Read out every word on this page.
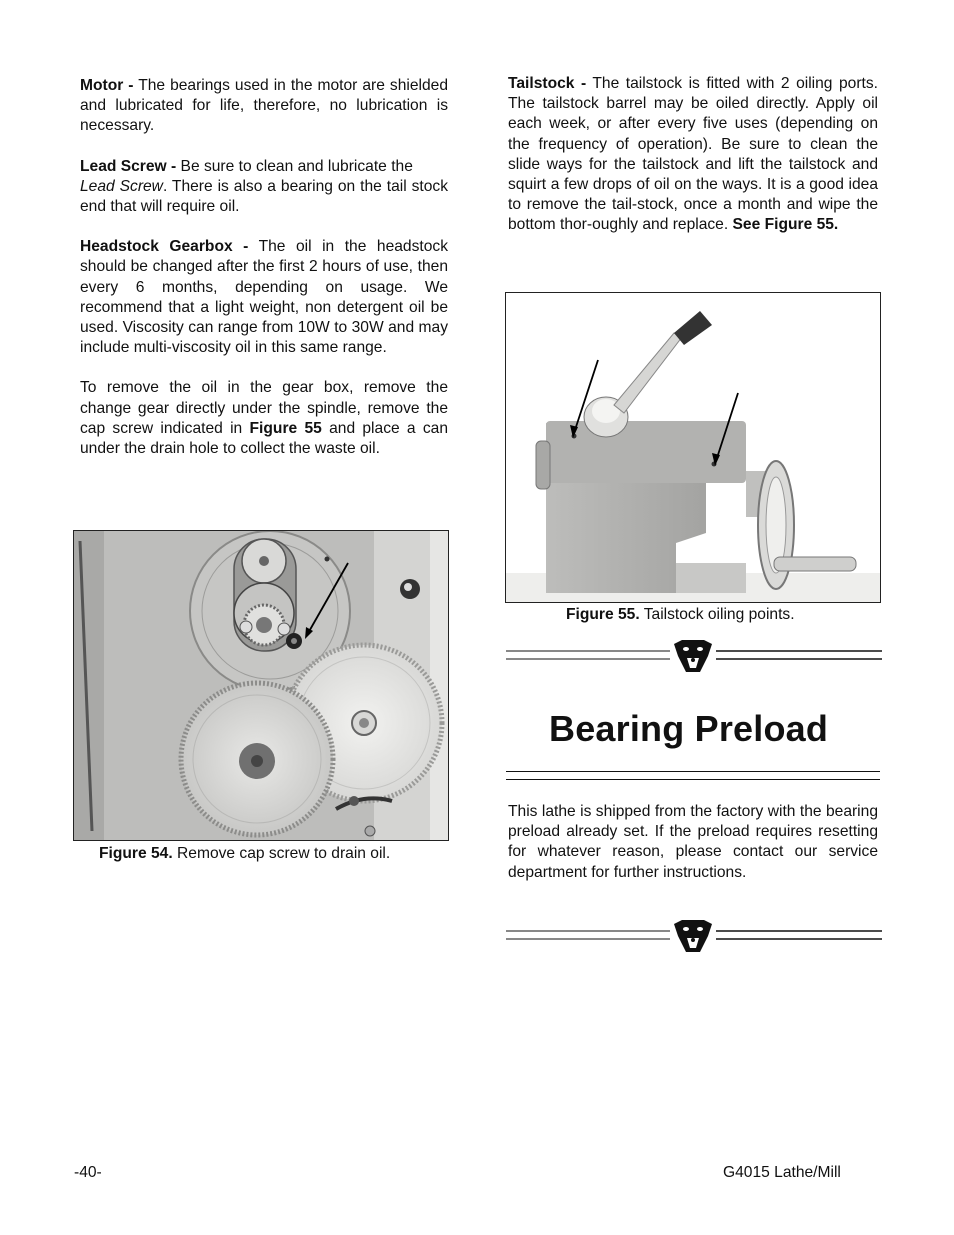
Motor - The bearings used in the motor are shielded and lubricated for life, therefore, no lubrication is necessary.

Lead Screw - Be sure to clean and lubricate the
Lead Screw. There is also a bearing on the tail stock end that will require oil.

Headstock Gearbox - The oil in the headstock should be changed after the first 2 hours of use, then every 6 months, depending on usage. We recommend that a light weight, non detergent oil be used. Viscosity can range from 10W to 30W and may include multi-viscosity oil in this same range.

To remove the oil in the gear box, remove the change gear directly under the spindle, remove the cap screw indicated in Figure 55 and place a can under the drain hole to collect the waste oil.

Tailstock - The tailstock is fitted with 2 oiling ports. The tailstock barrel may be oiled directly. Apply oil each week, or after every five uses (depending on the frequency of operation). Be sure to clean the slide ways for the tailstock and lift the tailstock and squirt a few drops of oil on the ways. It is a good idea to remove the tail-stock, once a month and wipe the bottom thor-oughly and replace. See Figure 55.

Figure 54. Remove cap screw to drain oil.
Figure 55. Tailstock oiling points.
Bearing Preload
This lathe is shipped from the factory with the bearing preload already set. If the preload requires resetting for whatever reason, please contact our service department for further instructions.
-40-	G4015 Lathe/Mill
